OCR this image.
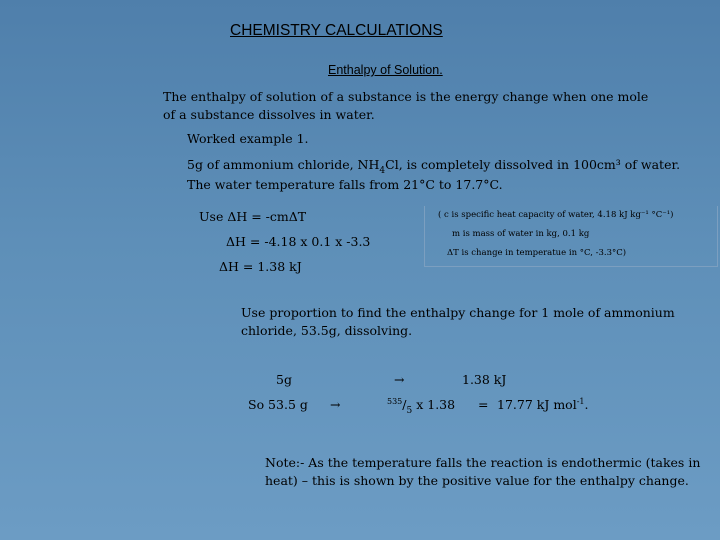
CHEMISTRY CALCULATIONS
Enthalpy of Solution.
The enthalpy of solution of a substance is the energy change when one mole of a substance dissolves in water.
Worked example 1.
5g of ammonium chloride, $NH_4Cl$, is completely dissolved in 100cm³ of water. The water temperature falls from 21°C to 17.7°C.
Use ΔH = -cmΔT
ΔH = -4.18 x 0.1 x -3.3
ΔH = 1.38 kJ
( c is specific heat capacity of water, 4.18 kJ kg⁻¹ °C⁻¹)
m is mass of water in kg, 0.1 kg
ΔT is change in temperatue in °C, -3.3°C)
Use proportion to find the enthalpy change for 1 mole of ammonium chloride, 53.5g, dissolving.
5g	→	1.38 kJ
So 53.5 g →	$^{535}/_5$ x 1.38 = 17.77 kJ mol$^{-1}$.
Note:- As the temperature falls the reaction is endothermic (takes in heat) – this is shown by the positive value for the enthalpy change.
